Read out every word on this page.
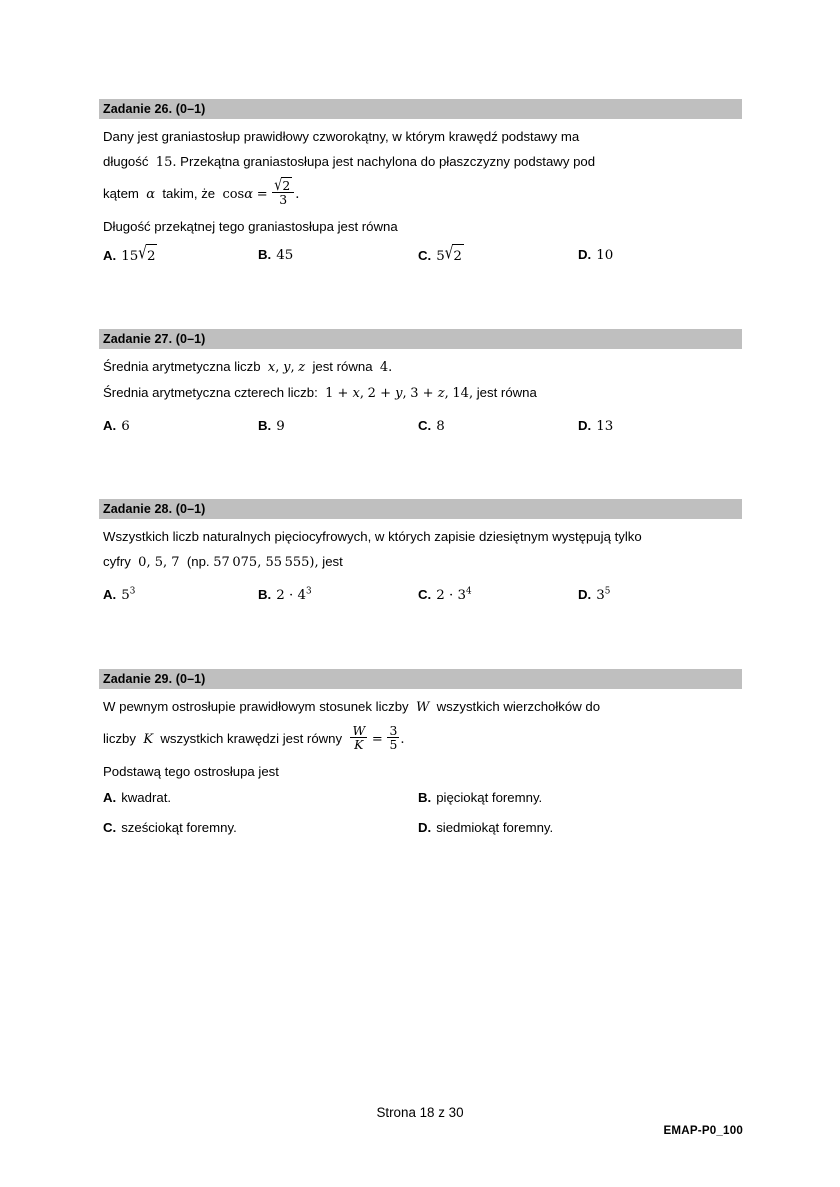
Zadanie 26. (0–1)
Dany jest graniastosłup prawidłowy czworokątny, w którym krawędź podstawy ma
długość 15. Przekątna graniastosłupa jest nachylona do płaszczyzny podstawy pod
kątem α takim, że $\cos\alpha = \frac{√2}{3}$ .
Długość przekątnej tego graniastosłupa jest równa
A. 15√2	B. 45	C. 5√2	D. 10
Zadanie 27. (0–1)
Średnia arytmetyczna liczb x, y, z jest równa 4.
Średnia arytmetyczna czterech liczb: 1 + x, 2 + y, 3 + z, 14, jest równa
A. 6	B. 9	C. 8	D. 13
Zadanie 28. (0–1)
Wszystkich liczb naturalnych pięciocyfrowych, w których zapisie dziesiętnym występują tylko
cyfry 0, 5, 7 (np. 57 075, 55 555), jest
A. $5^3$	B. $2 \cdot 4^3$	C. $2 \cdot 3^4$	D. $3^5$
Zadanie 29. (0–1)
W pewnym ostrosłupie prawidłowym stosunek liczby W wszystkich wierzchołków do
liczby K wszystkich krawędzi jest równy $\frac{W}{K} = \frac{3}{5}$ .
Podstawą tego ostrosłupa jest
A. kwadrat.	B. pięciokąt foremny.
C. sześciokąt foremny.	D. siedmiokąt foremny.
Strona 18 z 30
EMAP-P0_100
